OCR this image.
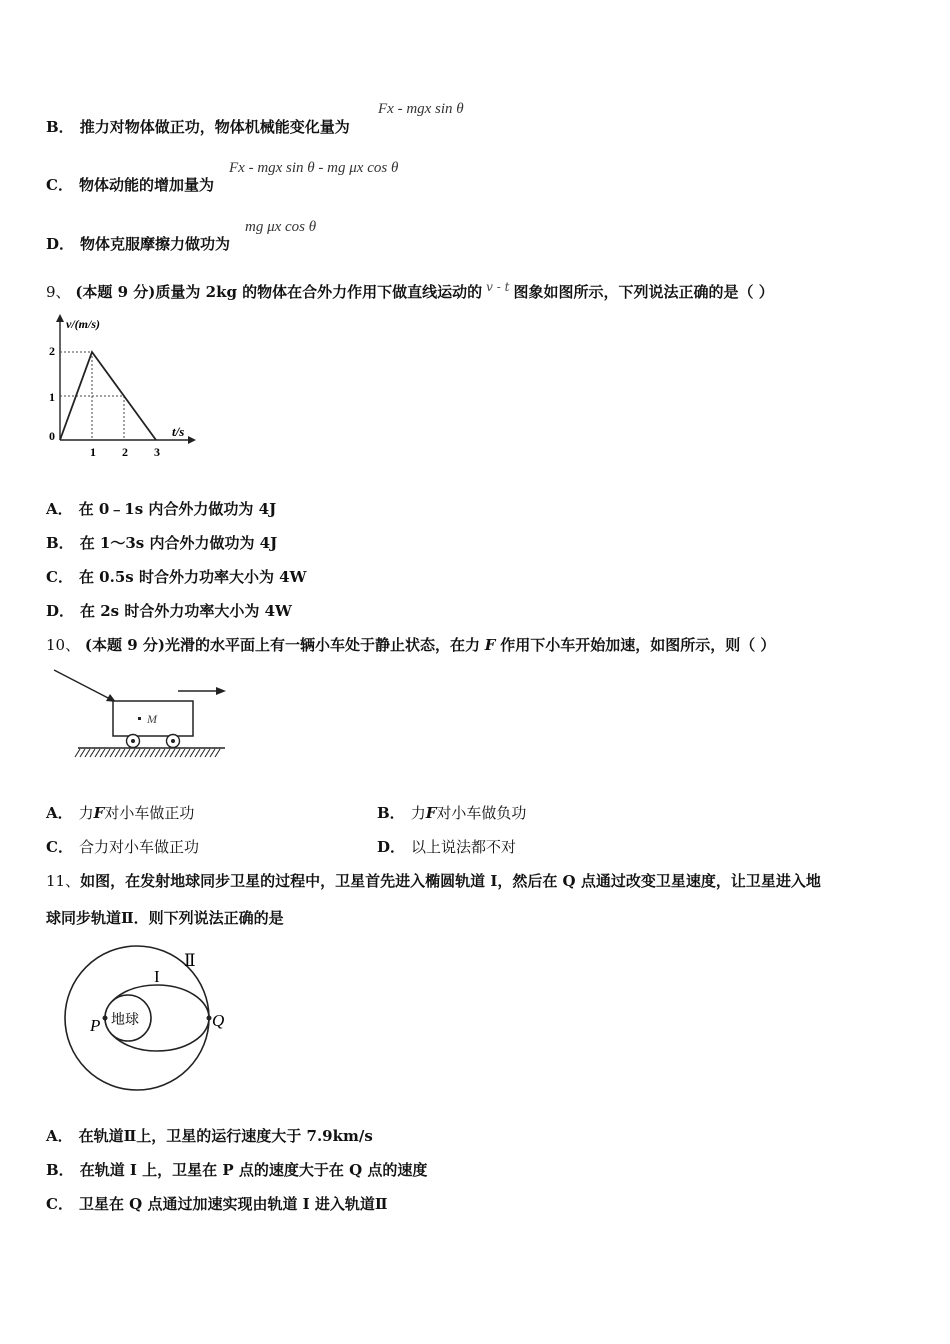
B． 推力对物体做正功，物体机械能变化量为
Fx - mgx sin θ
C． 物体动能的增加量为
Fx - mgx sin θ - mg μx cos θ
D． 物体克服摩擦力做功为
mg μx cos θ
9、 (本题 9 分)质量为 2kg 的物体在合外力作用下做直线运动的 $^{v - t}$ 图象如图所示，下列说法正确的是（ ）
v/(m/s)
t/s
2
1
0
1 2 3
A． 在 0﹣1s 内合外力做功为 4J
B． 在 1～3s 内合外力做功为 4J
C． 在 0.5s 时合外力功率大小为 4W
D． 在 2s 时合外力功率大小为 4W
10、 (本题 9 分)光滑的水平面上有一辆小车处于静止状态，在力 F 作用下小车开始加速，如图所示，则（ ）
M
A． 力F对小车做正功	B． 力F对小车做负功
C． 合力对小车做正功	D． 以上说法都不对
11、如图，在发射地球同步卫星的过程中，卫星首先进入椭圆轨道 I，然后在 Q 点通过改变卫星速度，让卫星进入地
球同步轨道Ⅱ．则下列说法正确的是
地球
P	Q
I
Ⅱ
A． 在轨道Ⅱ上，卫星的运行速度大于 7.9km/s
B． 在轨道 I 上，卫星在 P 点的速度大于在 Q 点的速度
C． 卫星在 Q 点通过加速实现由轨道 I 进入轨道Ⅱ
